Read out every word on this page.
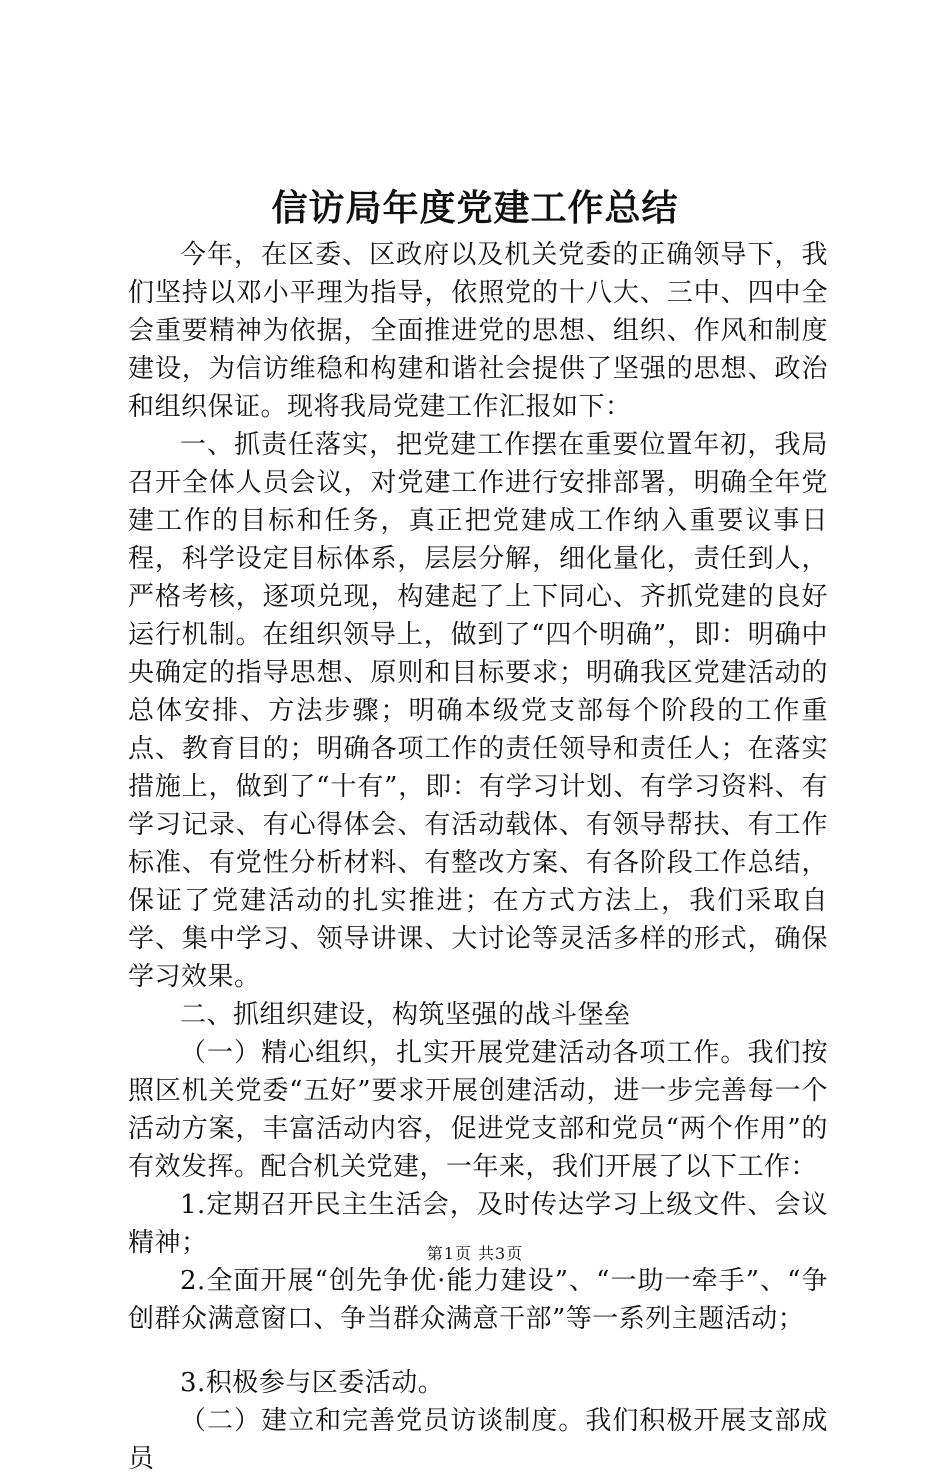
信访局年度党建工作总结

今年，在区委、区政府以及机关党委的正确领导下，我们坚持以邓小平理为指导，依照党的十八大、三中、四中全会重要精神为依据，全面推进党的思想、组织、作风和制度建设，为信访维稳和构建和谐社会提供了坚强的思想、政治和组织保证。现将我局党建工作汇报如下：

一、抓责任落实，把党建工作摆在重要位置年初，我局召开全体人员会议，对党建工作进行安排部署，明确全年党建工作的目标和任务，真正把党建成工作纳入重要议事日程，科学设定目标体系，层层分解，细化量化，责任到人，严格考核，逐项兑现，构建起了上下同心、齐抓党建的良好运行机制。在组织领导上，做到了“四个明确”，即：明确中央确定的指导思想、原则和目标要求；明确我区党建活动的总体安排、方法步骤；明确本级党支部每个阶段的工作重点、教育目的；明确各项工作的责任领导和责任人；在落实措施上，做到了“十有”，即：有学习计划、有学习资料、有学习记录、有心得体会、有活动载体、有领导帮扶、有工作标准、有党性分析材料、有整改方案、有各阶段工作总结，保证了党建活动的扎实推进；在方式方法上，我们采取自学、集中学习、领导讲课、大讨论等灵活多样的形式，确保学习效果。

二、抓组织建设，构筑坚强的战斗堡垒

（一）精心组织，扎实开展党建活动各项工作。我们按照区机关党委“五好”要求开展创建活动，进一步完善每一个活动方案，丰富活动内容，促进党支部和党员“两个作用”的有效发挥。配合机关党建，一年来，我们开展了以下工作：

1.定期召开民主生活会，及时传达学习上级文件、会议精神；

2.全面开展“创先争优·能力建设”、“一助一牵手”、“争创群众满意窗口、争当群众满意干部”等一系列主题活动；

3.积极参与区委活动。

（二）建立和完善党员访谈制度。我们积极开展支部成员

第1页 共3页
